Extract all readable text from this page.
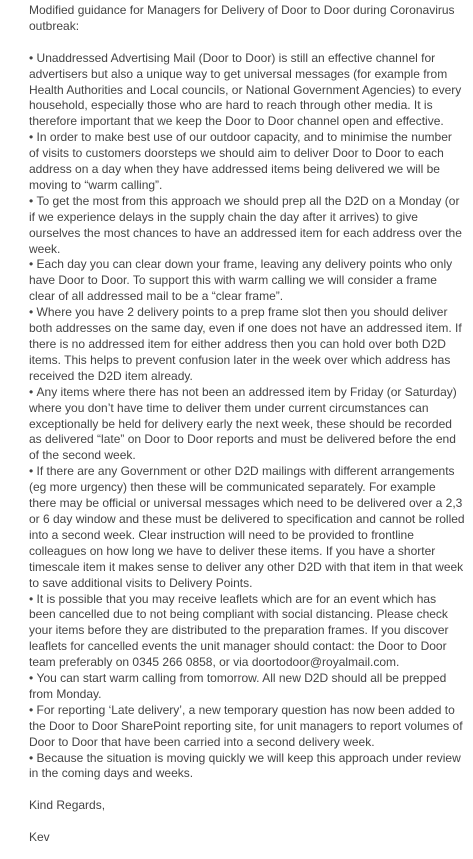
Modified guidance for Managers for Delivery of Door to Door during Coronavirus outbreak:

• Unaddressed Advertising Mail (Door to Door) is still an effective channel for advertisers but also a unique way to get universal messages (for example from Health Authorities and Local councils, or National Government Agencies) to every household, especially those who are hard to reach through other media. It is therefore important that we keep the Door to Door channel open and effective.

• In order to make best use of our outdoor capacity, and to minimise the number of visits to customers doorsteps we should aim to deliver Door to Door to each address on a day when they have addressed items being delivered we will be moving to “warm calling”.

• To get the most from this approach we should prep all the D2D on a Monday (or if we experience delays in the supply chain the day after it arrives) to give ourselves the most chances to have an addressed item for each address over the week.

• Each day you can clear down your frame, leaving any delivery points who only have Door to Door. To support this with warm calling we will consider a frame clear of all addressed mail to be a “clear frame”.

• Where you have 2 delivery points to a prep frame slot then you should deliver both addresses on the same day, even if one does not have an addressed item. If there is no addressed item for either address then you can hold over both D2D items. This helps to prevent confusion later in the week over which address has received the D2D item already.

• Any items where there has not been an addressed item by Friday (or Saturday) where you don’t have time to deliver them under current circumstances can exceptionally be held for delivery early the next week, these should be recorded as delivered “late” on Door to Door reports and must be delivered before the end of the second week.

• If there are any Government or other D2D mailings with different arrangements (eg more urgency) then these will be communicated separately. For example there may be official or universal messages which need to be delivered over a 2,3 or 6 day window and these must be delivered to specification and cannot be rolled into a second week. Clear instruction will need to be provided to frontline colleagues on how long we have to deliver these items. If you have a shorter timescale item it makes sense to deliver any other D2D with that item in that week to save additional visits to Delivery Points.

• It is possible that you may receive leaflets which are for an event which has been cancelled due to not being compliant with social distancing. Please check your items before they are distributed to the preparation frames. If you discover leaflets for cancelled events the unit manager should contact: the Door to Door team preferably on 0345 266 0858, or via doortodoor@royalmail.com.

• You can start warm calling from tomorrow. All new D2D should all be prepped from Monday.

• For reporting ‘Late delivery’, a new temporary question has now been added to the Door to Door SharePoint reporting site, for unit managers to report volumes of Door to Door that have been carried into a second delivery week.

• Because the situation is moving quickly we will keep this approach under review in the coming days and weeks.

Kind Regards,

Kev
